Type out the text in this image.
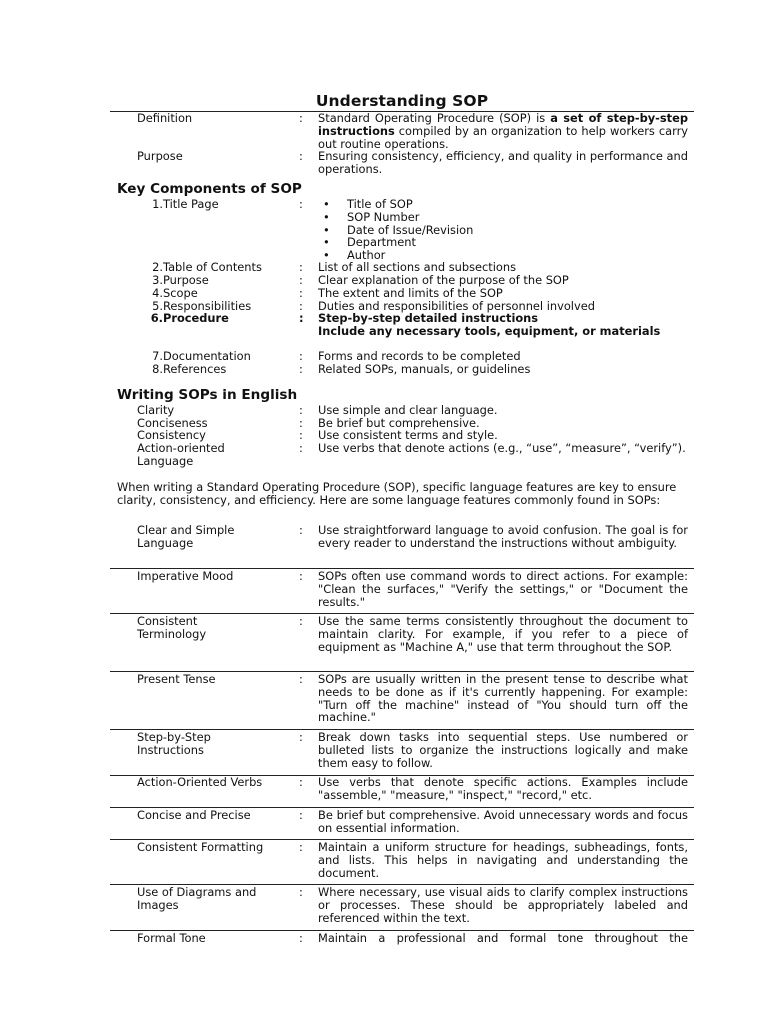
Understanding SOP
Definition	: Standard Operating Procedure (SOP) is a set of step-by-step instructions compiled by an organization to help workers carry out routine operations.
Purpose	: Ensuring consistency, efficiency, and quality in performance and operations.
Key Components of SOP
1. Title Page	:
•	Title of SOP
• SOP Number
• Date of Issue/Revision
• Department
• Author
2. Table of Contents	: List of all sections and subsections
3. Purpose	: Clear explanation of the purpose of the SOP
4. Scope	: The extent and limits of the SOP
5. Responsibilities	: Duties and responsibilities of personnel involved
6. Procedure	: Step-by-step detailed instructions
Include any necessary tools, equipment, or materials
7. Documentation	: Forms and records to be completed
8. References	: Related SOPs, manuals, or guidelines
Writing SOPs in English
Clarity	: Use simple and clear language.
Conciseness	: Be brief but comprehensive.
Consistency	: Use consistent terms and style.
Action-oriented Language
: Use verbs that denote actions (e.g., “use”, “measure”, “verify”).
When writing a Standard Operating Procedure (SOP), specific language features are key to ensure clarity, consistency, and efficiency. Here are some language features commonly found in SOPs:
Clear and Simple Language
: Use straightforward language to avoid confusion. The goal is for every reader to understand the instructions without ambiguity.
Imperative Mood	: SOPs often use command words to direct actions. For example: "Clean the surfaces," "Verify the settings," or "Document the results."
Consistent Terminology
: Use the same terms consistently throughout the document to maintain clarity. For example, if you refer to a piece of equipment as "Machine A," use that term throughout the SOP.
Present Tense	: SOPs are usually written in the present tense to describe what needs to be done as if it's currently happening. For example: "Turn off the machine" instead of "You should turn off the machine."
Step-by-Step Instructions
: Break down tasks into sequential steps. Use numbered or bulleted lists to organize the instructions logically and make them easy to follow.
Action-Oriented Verbs	: Use verbs that denote specific actions. Examples include "assemble," "measure," "inspect," "record," etc.
Concise and Precise	: Be brief but comprehensive. Avoid unnecessary words and focus on essential information.
Consistent Formatting	: Maintain a uniform structure for headings, subheadings, fonts, and lists. This helps in navigating and understanding the document.
Use of Diagrams and Images
: Where necessary, use visual aids to clarify complex instructions or processes. These should be appropriately labeled and referenced within the text.
Formal Tone	: Maintain a professional and formal tone throughout the
